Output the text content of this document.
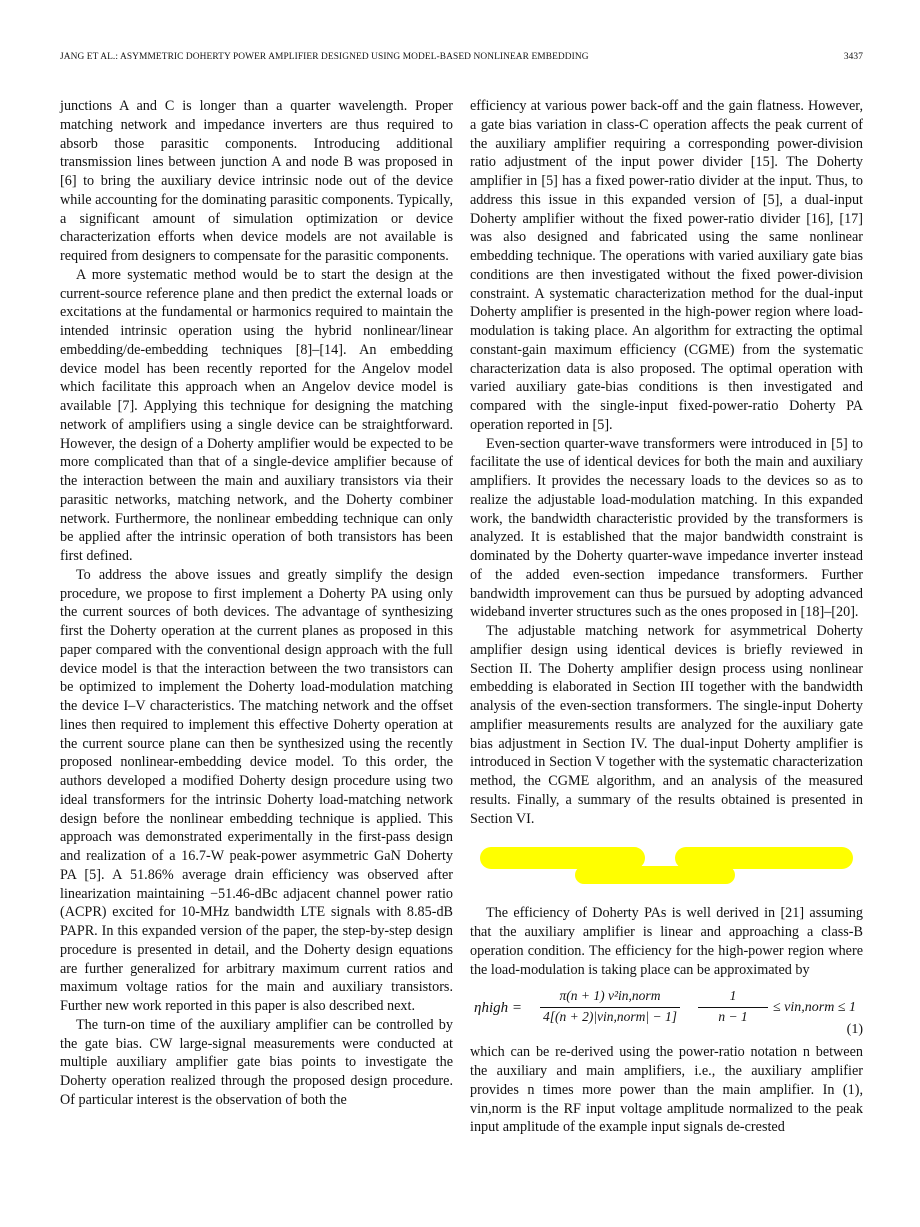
JANG ET AL.: ASYMMETRIC DOHERTY POWER AMPLIFIER DESIGNED USING MODEL-BASED NONLINEAR EMBEDDING	3437

junctions A and C is longer than a quarter wavelength. Proper matching network and impedance inverters are thus required to absorb those parasitic components. Introducing additional transmission lines between junction A and node B was proposed in [6] to bring the auxiliary device intrinsic node out of the device while accounting for the dominating parasitic components. Typically, a significant amount of simulation optimization or device characterization efforts when device models are not available is required from designers to compensate for the parasitic components.

A more systematic method would be to start the design at the current-source reference plane and then predict the external loads or excitations at the fundamental or harmonics required to maintain the intended intrinsic operation using the hybrid nonlinear/linear embedding/de-embedding techniques [8]–[14]. An embedding device model has been recently reported for the Angelov model which facilitate this approach when an Angelov device model is available [7]. Applying this technique for designing the matching network of amplifiers using a single device can be straightforward. However, the design of a Doherty amplifier would be expected to be more complicated than that of a single-device amplifier because of the interaction between the main and auxiliary transistors via their parasitic networks, matching network, and the Doherty combiner network. Furthermore, the nonlinear embedding technique can only be applied after the intrinsic operation of both transistors has been first defined.

To address the above issues and greatly simplify the design procedure, we propose to first implement a Doherty PA using only the current sources of both devices. The advantage of synthesizing first the Doherty operation at the current planes as proposed in this paper compared with the conventional design approach with the full device model is that the interaction between the two transistors can be optimized to implement the Doherty load-modulation matching the device I–V characteristics. The matching network and the offset lines then required to implement this effective Doherty operation at the current source plane can then be synthesized using the recently proposed nonlinear-embedding device model. To this order, the authors developed a modified Doherty design procedure using two ideal transformers for the intrinsic Doherty load-matching network design before the nonlinear embedding technique is applied. This approach was demonstrated experimentally in the first-pass design and realization of a 16.7-W peak-power asymmetric GaN Doherty PA [5]. A 51.86% average drain efficiency was observed after linearization maintaining −51.46-dBc adjacent channel power ratio (ACPR) excited for 10-MHz bandwidth LTE signals with 8.85-dB PAPR. In this expanded version of the paper, the step-by-step design procedure is presented in detail, and the Doherty design equations are further generalized for arbitrary maximum current ratios and maximum voltage ratios for the main and auxiliary transistors. Further new work reported in this paper is also described next.

The turn-on time of the auxiliary amplifier can be controlled by the gate bias. CW large-signal measurements were conducted at multiple auxiliary amplifier gate bias points to investigate the Doherty operation realized through the proposed design procedure. Of particular interest is the observation of both the

efficiency at various power back-off and the gain flatness. However, a gate bias variation in class-C operation affects the peak current of the auxiliary amplifier requiring a corresponding power-division ratio adjustment of the input power divider [15]. The Doherty amplifier in [5] has a fixed power-ratio divider at the input. Thus, to address this issue in this expanded version of [5], a dual-input Doherty amplifier without the fixed power-ratio divider [16], [17] was also designed and fabricated using the same nonlinear embedding technique. The operations with varied auxiliary gate bias conditions are then investigated without the fixed power-division constraint. A systematic characterization method for the dual-input Doherty amplifier is presented in the high-power region where load-modulation is taking place. An algorithm for extracting the optimal constant-gain maximum efficiency (CGME) from the systematic characterization data is also proposed. The optimal operation with varied auxiliary gate-bias conditions is then investigated and compared with the single-input fixed-power-ratio Doherty PA operation reported in [5].

Even-section quarter-wave transformers were introduced in [5] to facilitate the use of identical devices for both the main and auxiliary amplifiers. It provides the necessary loads to the devices so as to realize the adjustable load-modulation matching. In this expanded work, the bandwidth characteristic provided by the transformers is analyzed. It is established that the major bandwidth constraint is dominated by the Doherty quarter-wave impedance inverter instead of the added even-section impedance transformers. Further bandwidth improvement can thus be pursued by adopting advanced wideband inverter structures such as the ones proposed in [18]–[20].

The adjustable matching network for asymmetrical Doherty amplifier design using identical devices is briefly reviewed in Section II. The Doherty amplifier design process using nonlinear embedding is elaborated in Section III together with the bandwidth analysis of the even-section transformers. The single-input Doherty amplifier measurements results are analyzed for the auxiliary gate bias adjustment in Section IV. The dual-input Doherty amplifier is introduced in Section V together with the systematic characterization method, the CGME algorithm, and an analysis of the measured results. Finally, a summary of the results obtained is presented in Section VI.

The efficiency of Doherty PAs is well derived in [21] assuming that the auxiliary amplifier is linear and approaching a class-B operation condition. The efficiency for the high-power region where the load-modulation is taking place can be approximated by

ηhigh =
π(n + 1) v²in,norm
4[(n + 2)|vin,norm| − $1] \frac{1}{n - 1}$ ≤ vin,norm ≤ 1
(1)

which can be re-derived using the power-ratio notation n between the auxiliary and main amplifiers, i.e., the auxiliary amplifier provides n times more power than the main amplifier. In (1), vin,norm is the RF input voltage amplitude normalized to the peak input amplitude of the example input signals de-crested
